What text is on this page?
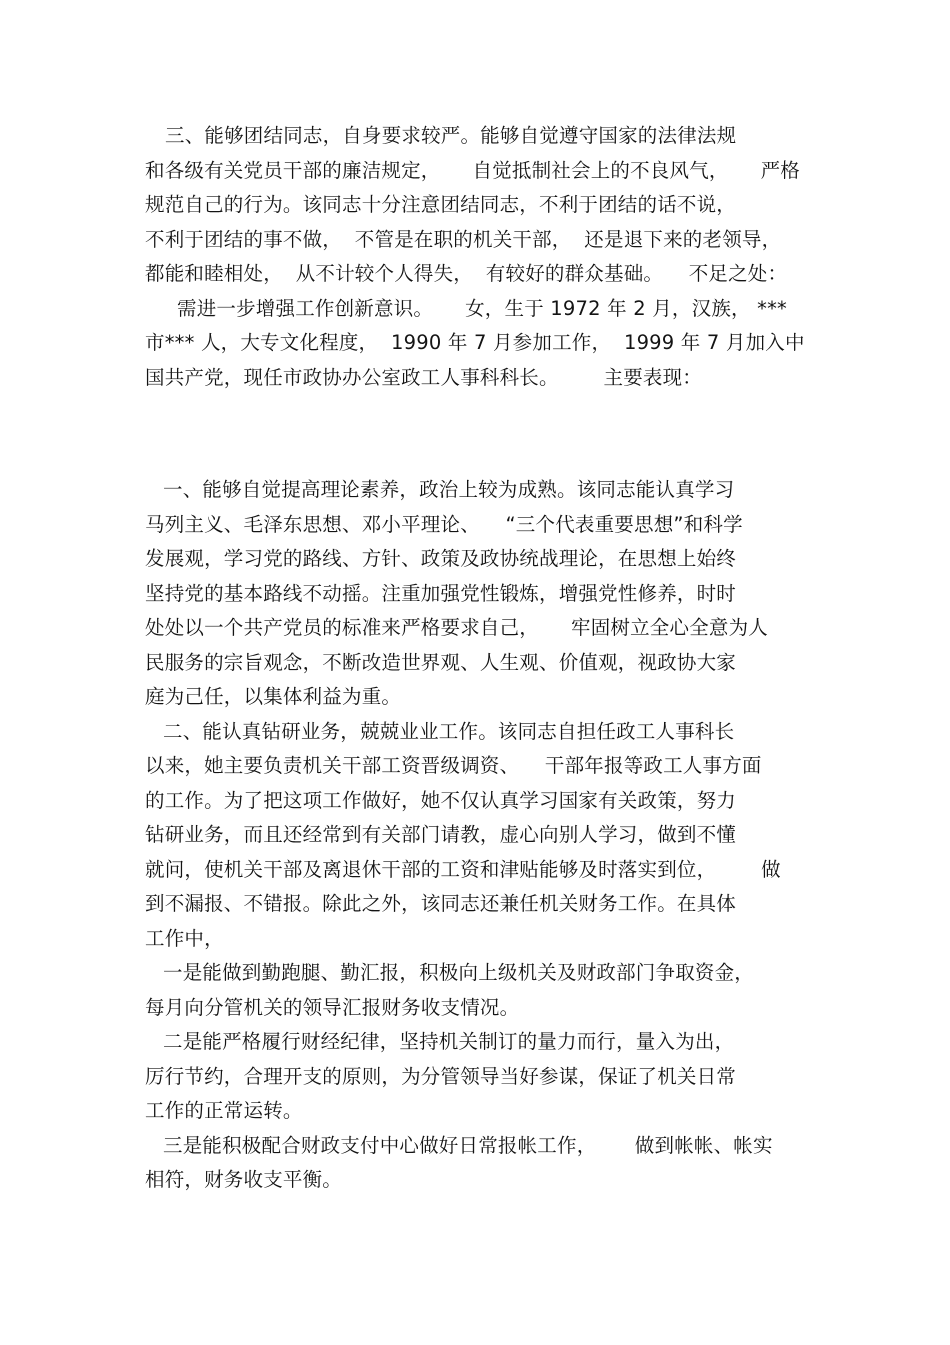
三、能够团结同志，自身要求较严。能够自觉遵守国家的法律法规
和各级有关党员干部的廉洁规定，     自觉抵制社会上的不良风气，     严格
规范自己的行为。该同志十分注意团结同志，不利于团结的话不说，
不利于团结的事不做，  不管是在职的机关干部，  还是退下来的老领导，
都能和睦相处，  从不计较个人得失，  有较好的群众基础。    不足之处：
需进一步增强工作创新意识。     女，生于 1972 年 2 月，汉族， ***
市*** 人，大专文化程度，  1990 年 7 月参加工作，  1999 年 7 月加入中
国共产党，现任市政协办公室政工人事科科长。       主要表现：
一、能够自觉提高理论素养，政治上较为成熟。该同志能认真学习
马列主义、毛泽东思想、邓小平理论、    “三个代表重要思想”和科学
发展观，学习党的路线、方针、政策及政协统战理论，在思想上始终
坚持党的基本路线不动摇。注重加强党性锻炼，增强党性修养，时时
处处以一个共产党员的标准来严格要求自己，     牢固树立全心全意为人
民服务的宗旨观念，不断改造世界观、人生观、价值观，视政协大家
庭为己任，以集体利益为重。
二、能认真钻研业务，兢兢业业工作。该同志自担任政工人事科长
以来，她主要负责机关干部工资晋级调资、    干部年报等政工人事方面
的工作。为了把这项工作做好，她不仅认真学习国家有关政策，努力
钻研业务，而且还经常到有关部门请教，虚心向别人学习，做到不懂
就问，使机关干部及离退休干部的工资和津贴能够及时落实到位，       做
到不漏报、不错报。除此之外，该同志还兼任机关财务工作。在具体
工作中，
一是能做到勤跑腿、勤汇报，积极向上级机关及财政部门争取资金，
每月向分管机关的领导汇报财务收支情况。
二是能严格履行财经纪律，坚持机关制订的量力而行，量入为出，
厉行节约，合理开支的原则，为分管领导当好参谋，保证了机关日常
工作的正常运转。
三是能积极配合财政支付中心做好日常报帐工作，      做到帐帐、帐实
相符，财务收支平衡。
